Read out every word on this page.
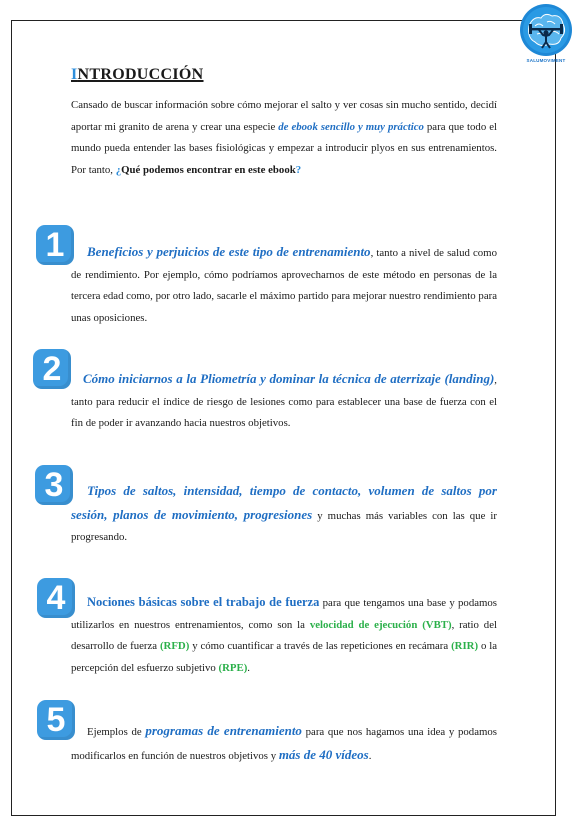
SALUMOVIMENT
INTRODUCCIÓN
Cansado de buscar información sobre cómo mejorar el salto y ver cosas sin mucho sentido, decidí aportar mi granito de arena y crear una especie de ebook sencillo y muy práctico para que todo el mundo pueda entender las bases fisiológicas y empezar a introducir plyos en sus entrenamientos. Por tanto, ¿Qué podemos encontrar en este ebook?
1	Beneficios y perjuicios de este tipo de entrenamiento, tanto a nivel de salud como de rendimiento. Por ejemplo, cómo podríamos aprovecharnos de este método en personas de la tercera edad como, por otro lado, sacarle el máximo partido para mejorar nuestro rendimiento para unas oposiciones.
2	Cómo iniciarnos a la Pliometría y dominar la técnica de aterrizaje (landing), tanto para reducir el índice de riesgo de lesiones como para establecer una base de fuerza con el fin de poder ir avanzando hacia nuestros objetivos.
3	Tipos de saltos, intensidad, tiempo de contacto, volumen de saltos por sesión, planos de movimiento, progresiones y muchas más variables con las que ir progresando.
4	Nociones básicas sobre el trabajo de fuerza para que tengamos una base y podamos utilizarlos en nuestros entrenamientos, como son la velocidad de ejecución (VBT), ratio del desarrollo de fuerza (RFD) y cómo cuantificar a través de las repeticiones en recámara (RIR) o la percepción del esfuerzo subjetivo (RPE).
5	Ejemplos de programas de entrenamiento para que nos hagamos una idea y podamos modificarlos en función de nuestros objetivos y más de 40 vídeos.
